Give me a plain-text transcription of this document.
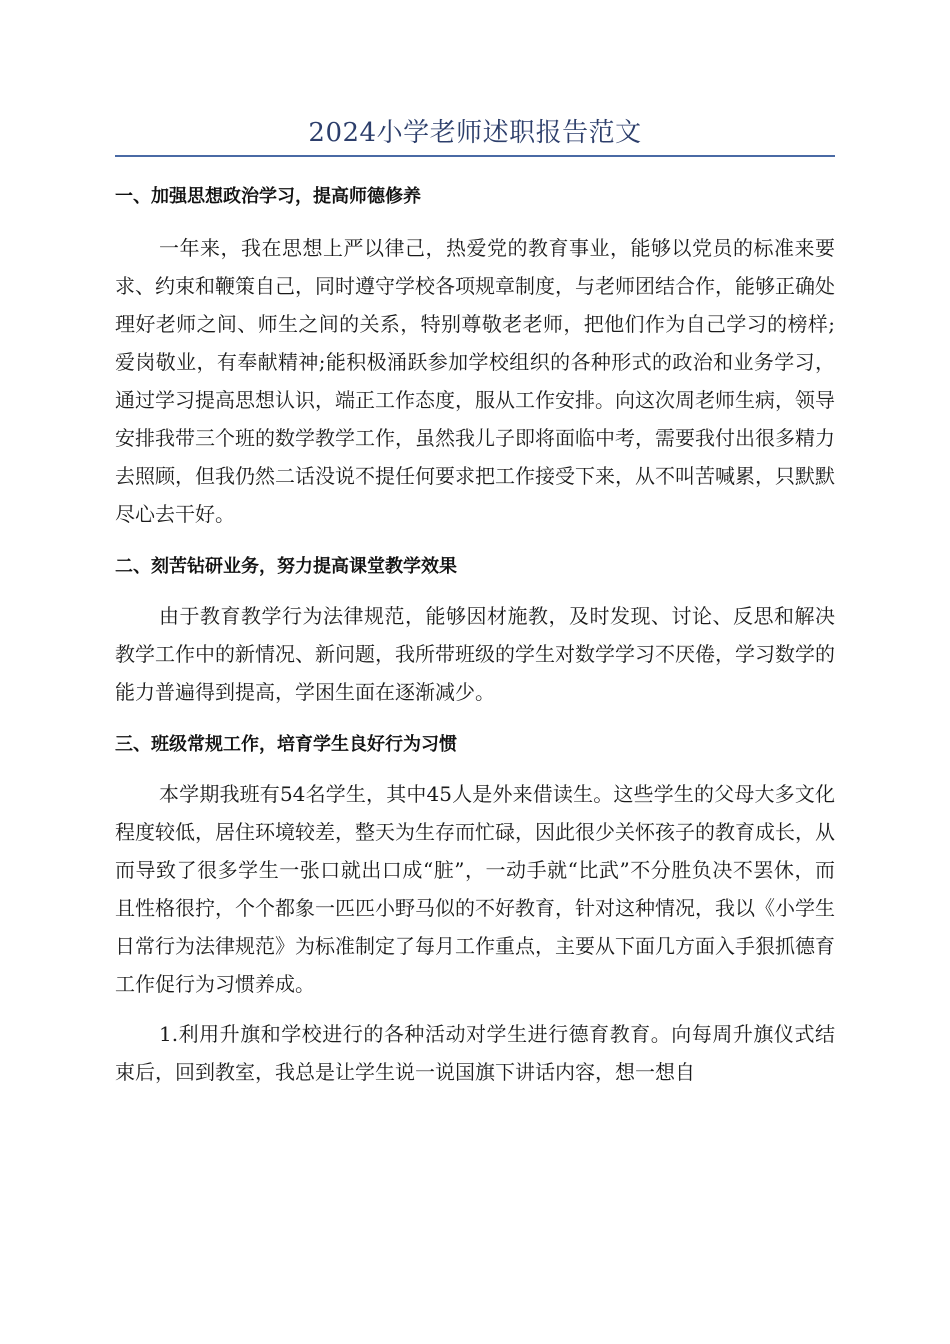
2024小学老师述职报告范文
一、加强思想政治学习，提高师德修养

一年来，我在思想上严以律己，热爱党的教育事业，能够以党员的标准来要求、约束和鞭策自己，同时遵守学校各项规章制度，与老师团结合作，能够正确处理好老师之间、师生之间的关系，特别尊敬老老师，把他们作为自己学习的榜样;爱岗敬业，有奉献精神;能积极涌跃参加学校组织的各种形式的政治和业务学习，通过学习提高思想认识，端正工作态度，服从工作安排。向这次周老师生病，领导安排我带三个班的数学教学工作，虽然我儿子即将面临中考，需要我付出很多精力去照顾，但我仍然二话没说不提任何要求把工作接受下来，从不叫苦喊累，只默默尽心去干好。

二、刻苦钻研业务，努力提高课堂教学效果

由于教育教学行为法律规范，能够因材施教，及时发现、讨论、反思和解决教学工作中的新情况、新问题，我所带班级的学生对数学学习不厌倦，学习数学的能力普遍得到提高，学困生面在逐渐减少。

三、班级常规工作，培育学生良好行为习惯

本学期我班有54名学生，其中45人是外来借读生。这些学生的父母大多文化程度较低，居住环境较差，整天为生存而忙碌，因此很少关怀孩子的教育成长，从而导致了很多学生一张口就出口成“脏”，一动手就“比武”不分胜负决不罢休，而且性格很拧，个个都象一匹匹小野马似的不好教育，针对这种情况，我以《小学生日常行为法律规范》为标准制定了每月工作重点，主要从下面几方面入手狠抓德育工作促行为习惯养成。

1.利用升旗和学校进行的各种活动对学生进行德育教育。向每周升旗仪式结束后，回到教室，我总是让学生说一说国旗下讲话内容，想一想自
